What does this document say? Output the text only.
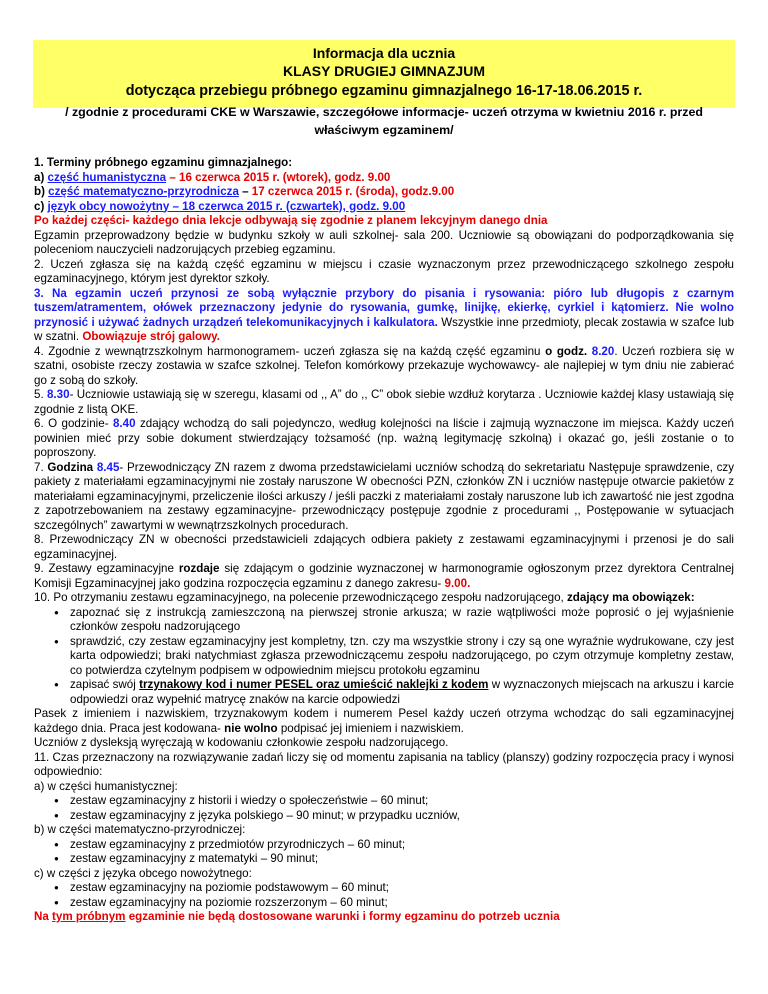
Informacja dla ucznia
KLASY DRUGIEJ GIMNAZJUM
dotycząca przebiegu próbnego egzaminu gimnazjalnego 16-17-18.06.2015 r.
/ zgodnie z procedurami CKE w Warszawie, szczegółowe informacje- uczeń otrzyma w kwietniu 2016 r. przed właściwym egzaminem/

1. Terminy próbnego egzaminu gimnazjalnego:

a) część humanistyczna – 16 czerwca 2015 r. (wtorek), godz. 9.00

b) część matematyczno-przyrodnicza – 17 czerwca 2015 r. (środa), godz.9.00

c) język obcy nowożytny – 18 czerwca 2015 r. (czwartek), godz. 9.00

Po każdej części- każdego dnia lekcje odbywają się zgodnie z planem lekcyjnym danego dnia

Egzamin przeprowadzony będzie w budynku szkoły w auli szkolnej- sala 200. Uczniowie są obowiązani do podporządkowania się poleceniom nauczycieli nadzorujących przebieg egzaminu.

2. Uczeń zgłasza się na każdą część egzaminu w miejscu i czasie wyznaczonym przez przewodniczącego szkolnego zespołu egzaminacyjnego, którym jest dyrektor szkoły.

3. Na egzamin uczeń przynosi ze sobą wyłącznie przybory do pisania i rysowania: pióro lub długopis z czarnym tuszem/atramentem, ołówek przeznaczony jedynie do rysowania, gumkę, linijkę, ekierkę, cyrkiel i kątomierz. Nie wolno przynosić i używać żadnych urządzeń telekomunikacyjnych i kalkulatora. Wszystkie inne przedmioty, plecak zostawia w szafce lub w szatni. Obowiązuje strój galowy.

4. Zgodnie z wewnątrzszkolnym harmonogramem- uczeń zgłasza się na każdą część egzaminu o godz. 8.20. Uczeń rozbiera się w szatni, osobiste rzeczy zostawia w szafce szkolnej. Telefon komórkowy przekazuje wychowawcy- ale najlepiej w tym dniu nie zabierać go z sobą do szkoły.

5. 8.30- Uczniowie ustawiają się w szeregu, klasami od ,, A” do ,, C” obok siebie wzdłuż korytarza . Uczniowie każdej klasy ustawiają się zgodnie z listą OKE.

6. O godzinie- 8.40 zdający wchodzą do sali pojedynczo, według kolejności na liście i zajmują wyznaczone im miejsca. Każdy uczeń powinien mieć przy sobie dokument stwierdzający tożsamość (np. ważną legitymację szkolną) i okazać go, jeśli zostanie o to poproszony.

7. Godzina 8.45- Przewodniczący ZN razem z dwoma przedstawicielami uczniów schodzą do sekretariatu Następuje sprawdzenie, czy pakiety z materiałami egzaminacyjnymi nie zostały naruszone W obecności PZN, członków ZN i uczniów następuje otwarcie pakietów z materiałami egzaminacyjnymi, przeliczenie ilości arkuszy / jeśli paczki z materiałami zostały naruszone lub ich zawartość nie jest zgodna z zapotrzebowaniem na zestawy egzaminacyjne- przewodniczący postępuje zgodnie z procedurami ,, Postępowanie w sytuacjach szczególnych” zawartymi w wewnątrzszkolnych procedurach.

8. Przewodniczący ZN w obecności przedstawicieli zdających odbiera pakiety z zestawami egzaminacyjnymi i przenosi je do sali egzaminacyjnej.

9. Zestawy egzaminacyjne rozdaje się zdającym o godzinie wyznaczonej w harmonogramie ogłoszonym przez dyrektora Centralnej Komisji Egzaminacyjnej jako godzina rozpoczęcia egzaminu z danego zakresu- 9.00.

10. Po otrzymaniu zestawu egzaminacyjnego, na polecenie przewodniczącego zespołu nadzorującego, zdający ma obowiązek:

● zapoznać się z instrukcją zamieszczoną na pierwszej stronie arkusza; w razie wątpliwości może poprosić o jej wyjaśnienie członków zespołu nadzorującego
● sprawdzić, czy zestaw egzaminacyjny jest kompletny, tzn. czy ma wszystkie strony i czy są one wyraźnie wydrukowane, czy jest karta odpowiedzi; braki natychmiast zgłasza przewodniczącemu zespołu nadzorującego, po czym otrzymuje kompletny zestaw, co potwierdza czytelnym podpisem w odpowiednim miejscu protokołu egzaminu
● zapisać swój trzynakowy kod i numer PESEL oraz umieścić naklejki z kodem w wyznaczonych miejscach na arkuszu i karcie odpowiedzi oraz wypełnić matrycę znaków na karcie odpowiedzi

Pasek z imieniem i nazwiskiem, trzyznakowym kodem i numerem Pesel każdy uczeń otrzyma wchodząc do sali egzaminacyjnej każdego dnia. Praca jest kodowana- nie wolno podpisać jej imieniem i nazwiskiem.

Uczniów z dysleksją wyręczają w kodowaniu członkowie zespołu nadzorującego.

11. Czas przeznaczony na rozwiązywanie zadań liczy się od momentu zapisania na tablicy (planszy) godziny rozpoczęcia pracy i wynosi odpowiednio:

a) w części humanistycznej:

● zestaw egzaminacyjny z historii i wiedzy o społeczeństwie – 60 minut;
● zestaw egzaminacyjny z języka polskiego – 90 minut; w przypadku uczniów,

b) w części matematyczno-przyrodniczej:

● zestaw egzaminacyjny z przedmiotów przyrodniczych – 60 minut;
● zestaw egzaminacyjny z matematyki – 90 minut;

c) w części z języka obcego nowożytnego:

● zestaw egzaminacyjny na poziomie podstawowym – 60 minut;
● zestaw egzaminacyjny na poziomie rozszerzonym – 60 minut;

Na tym próbnym egzaminie nie będą dostosowane warunki i formy egzaminu do potrzeb ucznia
